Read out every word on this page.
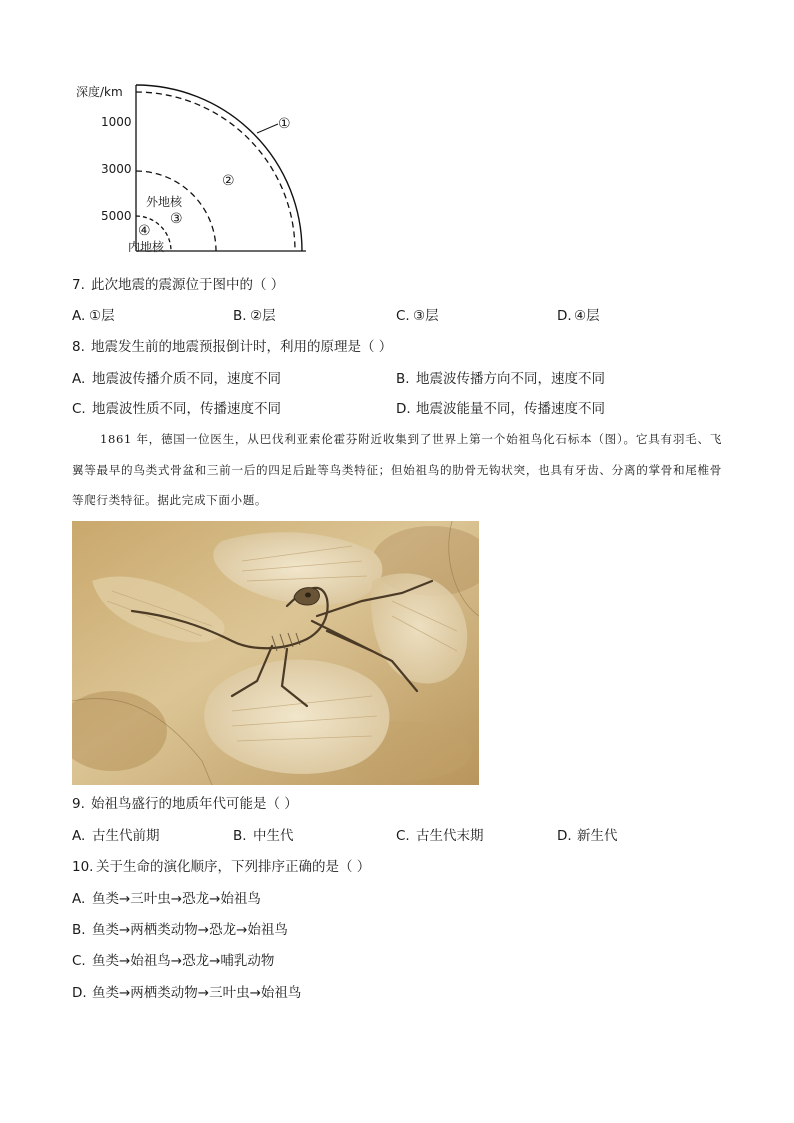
深度/km
1000
3000
5000
①
②
外地核
③
④
内地核
7. 此次地震的震源位于图中的（ ）
A. ①层	B. ②层	C. ③层	D. ④层
8. 地震发生前的地震预报倒计时，利用的原理是（ ）
A. 地震波传播介质不同，速度不同	B. 地震波传播方向不同，速度不同
C. 地震波性质不同，传播速度不同	D. 地震波能量不同，传播速度不同

1861 年，德国一位医生，从巴伐利亚索伦霍芬附近收集到了世界上第一个始祖鸟化石标本（图）。它具有羽毛、飞翼等最早的鸟类式骨盆和三前一后的四足后趾等鸟类特征；但始祖鸟的肋骨无钩状突，也具有牙齿、分离的掌骨和尾椎骨等爬行类特征。据此完成下面小题。

9. 始祖鸟盛行的地质年代可能是（ ）
A. 古生代前期	B. 中生代	C. 古生代末期	D. 新生代
10. 关于生命的演化顺序，下列排序正确的是（ ）
A. 鱼类→三叶虫→恐龙→始祖鸟
B. 鱼类→两栖类动物→恐龙→始祖鸟
C. 鱼类→始祖鸟→恐龙→哺乳动物
D. 鱼类→两栖类动物→三叶虫→始祖鸟
